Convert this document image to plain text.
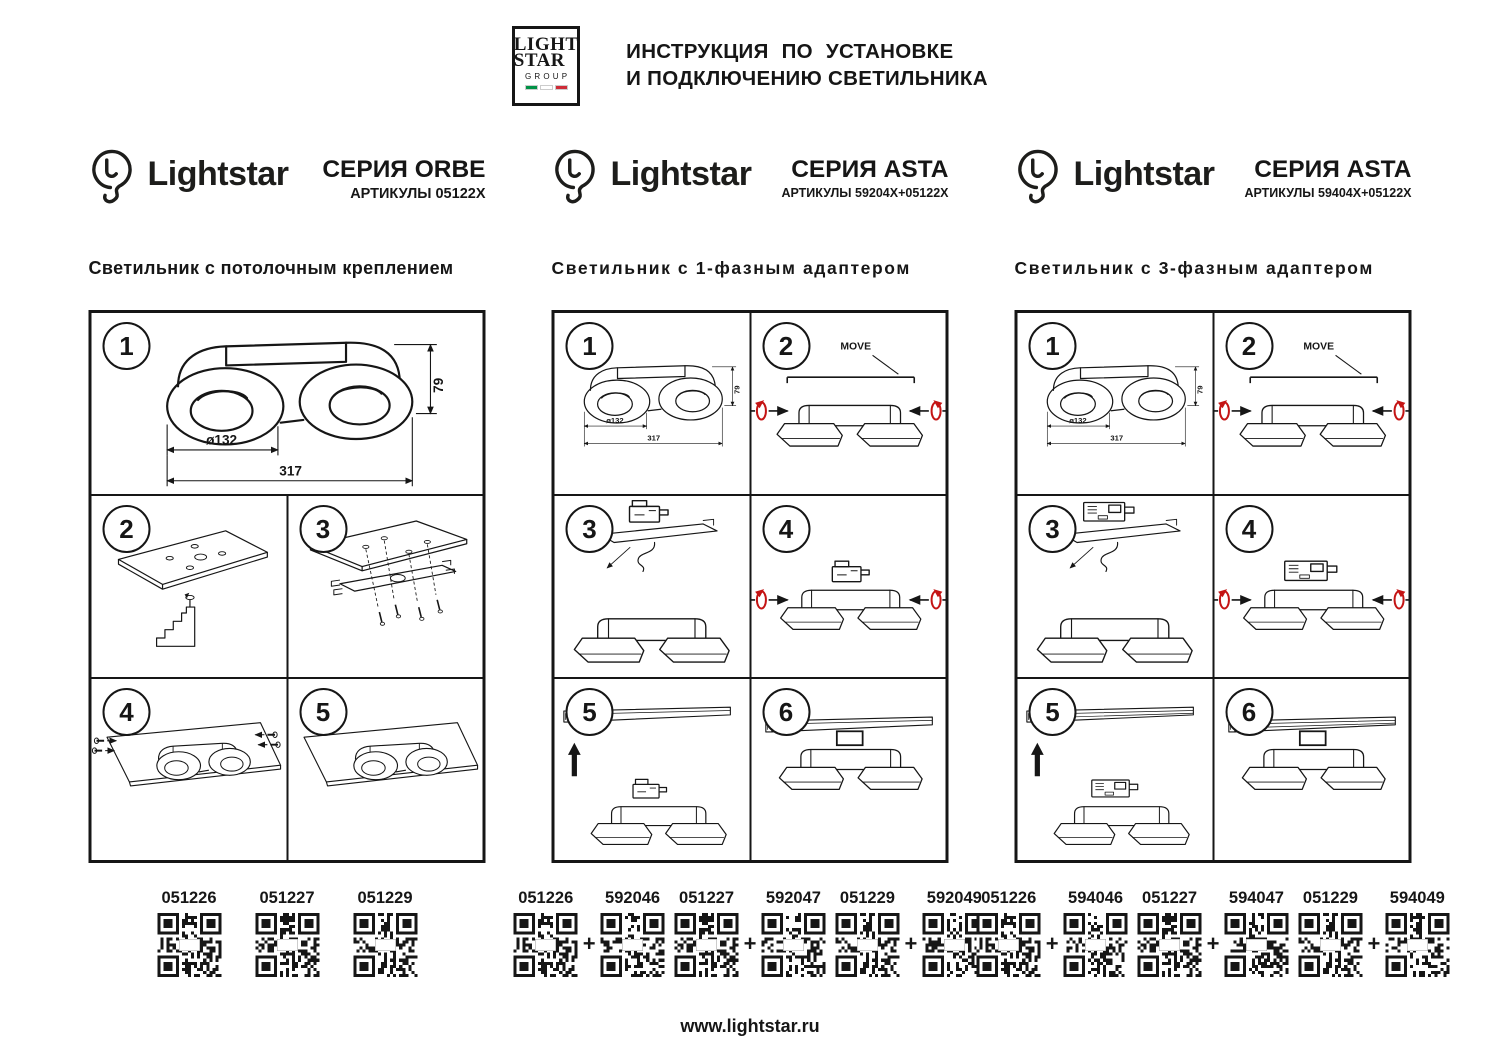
LIGHT
STAR
GROUP
ИНСТРУКЦИЯ ПО УСТАНОВКЕ
И ПОДКЛЮЧЕНИЮ СВЕТИЛЬНИКА
Lightstar СЕРИЯ ORBE
АРТИКУЛЫ 05122X
Светильник с потолочным креплением
1
2	3
4	5
051226	051227	051229
Lightstar	СЕРИЯ ASTA
АРТИКУЛЫ 59204X+05122X
Светильник с 1-фазным адаптером
1	2	MOVE
3	4
5	6
051226
+
592046 051227
+
592047 051229
+
592049
Lightstar	СЕРИЯ ASTA
АРТИКУЛЫ 59404X+05122X
Светильник с 3-фазным адаптером
1	2	MOVE
3	4
5	6
051226
+
594046 051227
+
594047 051229
+
594049
www.lightstar.ru
